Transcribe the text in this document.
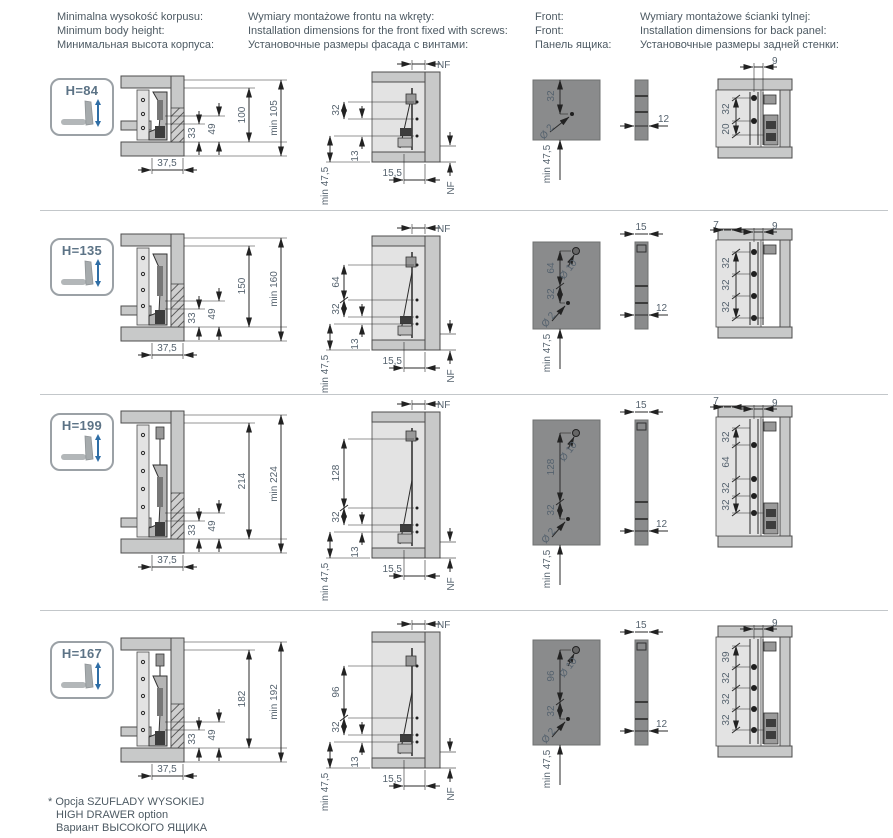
Minimalna wysokość korpusu:
Minimum body height:
Минимальная высота корпуса:
Wymiary montażowe frontu na wkręty:
Installation dimensions for the front fixed with screws:
Установочные размеры фасада с винтами:
Front:
Front:
Панель ящика:
Wymiary montażowe ścianki tylnej:
Installation dimensions for back panel:
Установочные размеры задней стенки:
H=84
37,5
33 49
100 min 105
NF
32
13
min 47,5	15,5
NF
32
Ø 2
min 47,5
12
9
32
20
H=135
37,5
33 49
150 min 160
NF
64
32
13
min 47,5	15,5
NF
64 Ø 10
32
Ø 2
min 47,5
15
12
7	9
32
32
32
H=199
37,5
33 49
214 min 224
NF
128
32
13
min 47,5	15,5
NF
128
Ø 10
32
Ø 2
min 47,5
15
12
7	9
32
64
32
32
H=167
37,5
33 49
182 min 192
NF
96
32
13
min 47,5	15,5
NF
96 Ø 10
32
Ø 2
min 47,5
15
12
9
39
32
32
32
* Opcja SZUFLADY WYSOKIEJ
HIGH DRAWER option
Вариант ВЫСОКОГО ЯЩИКА
